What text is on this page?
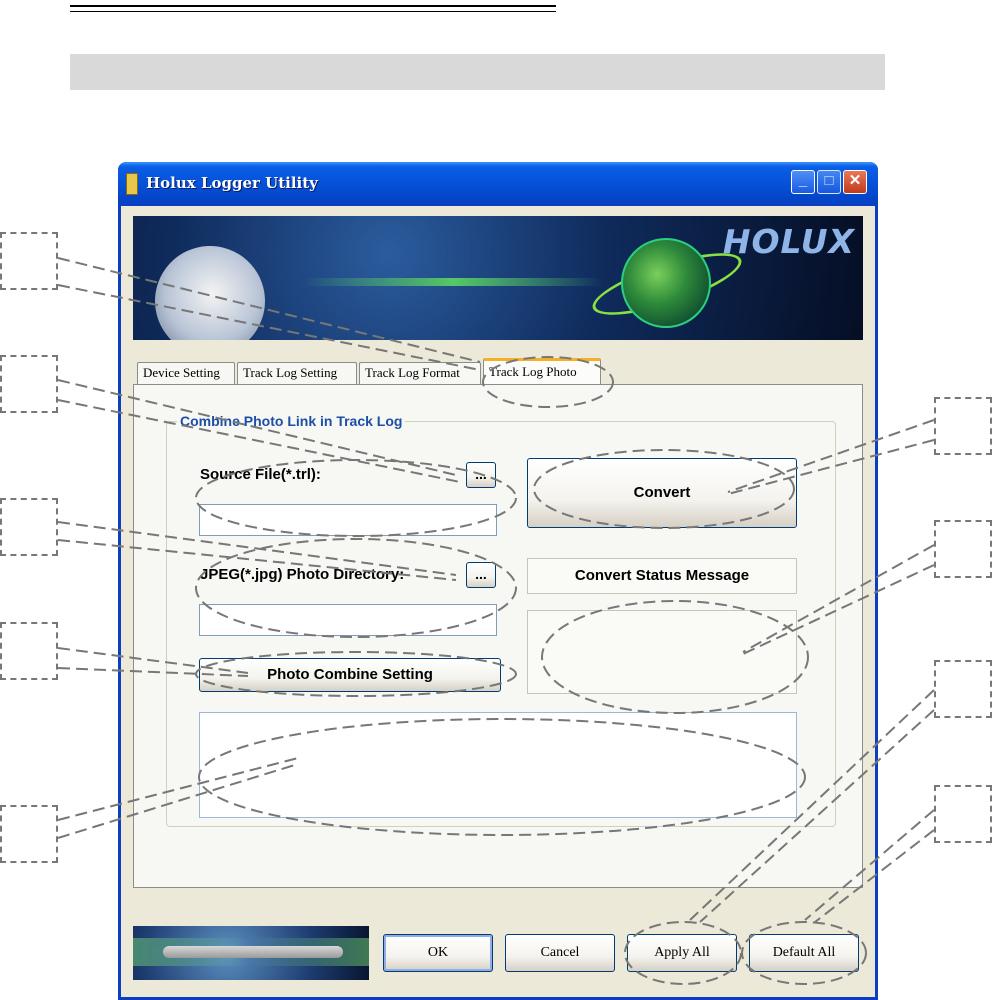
Holux Logger Utility	_	□	✕
HOLUX
Device Setting	Track Log Setting	Track Log Format	Track Log Photo
Combine Photo Link in Track Log
Source File(*.trl):	...
JPEG(*.jpg) Photo Directory:	...
Photo Combine Setting
Convert
Convert Status Message
OK	Cancel	Apply All	Default All
